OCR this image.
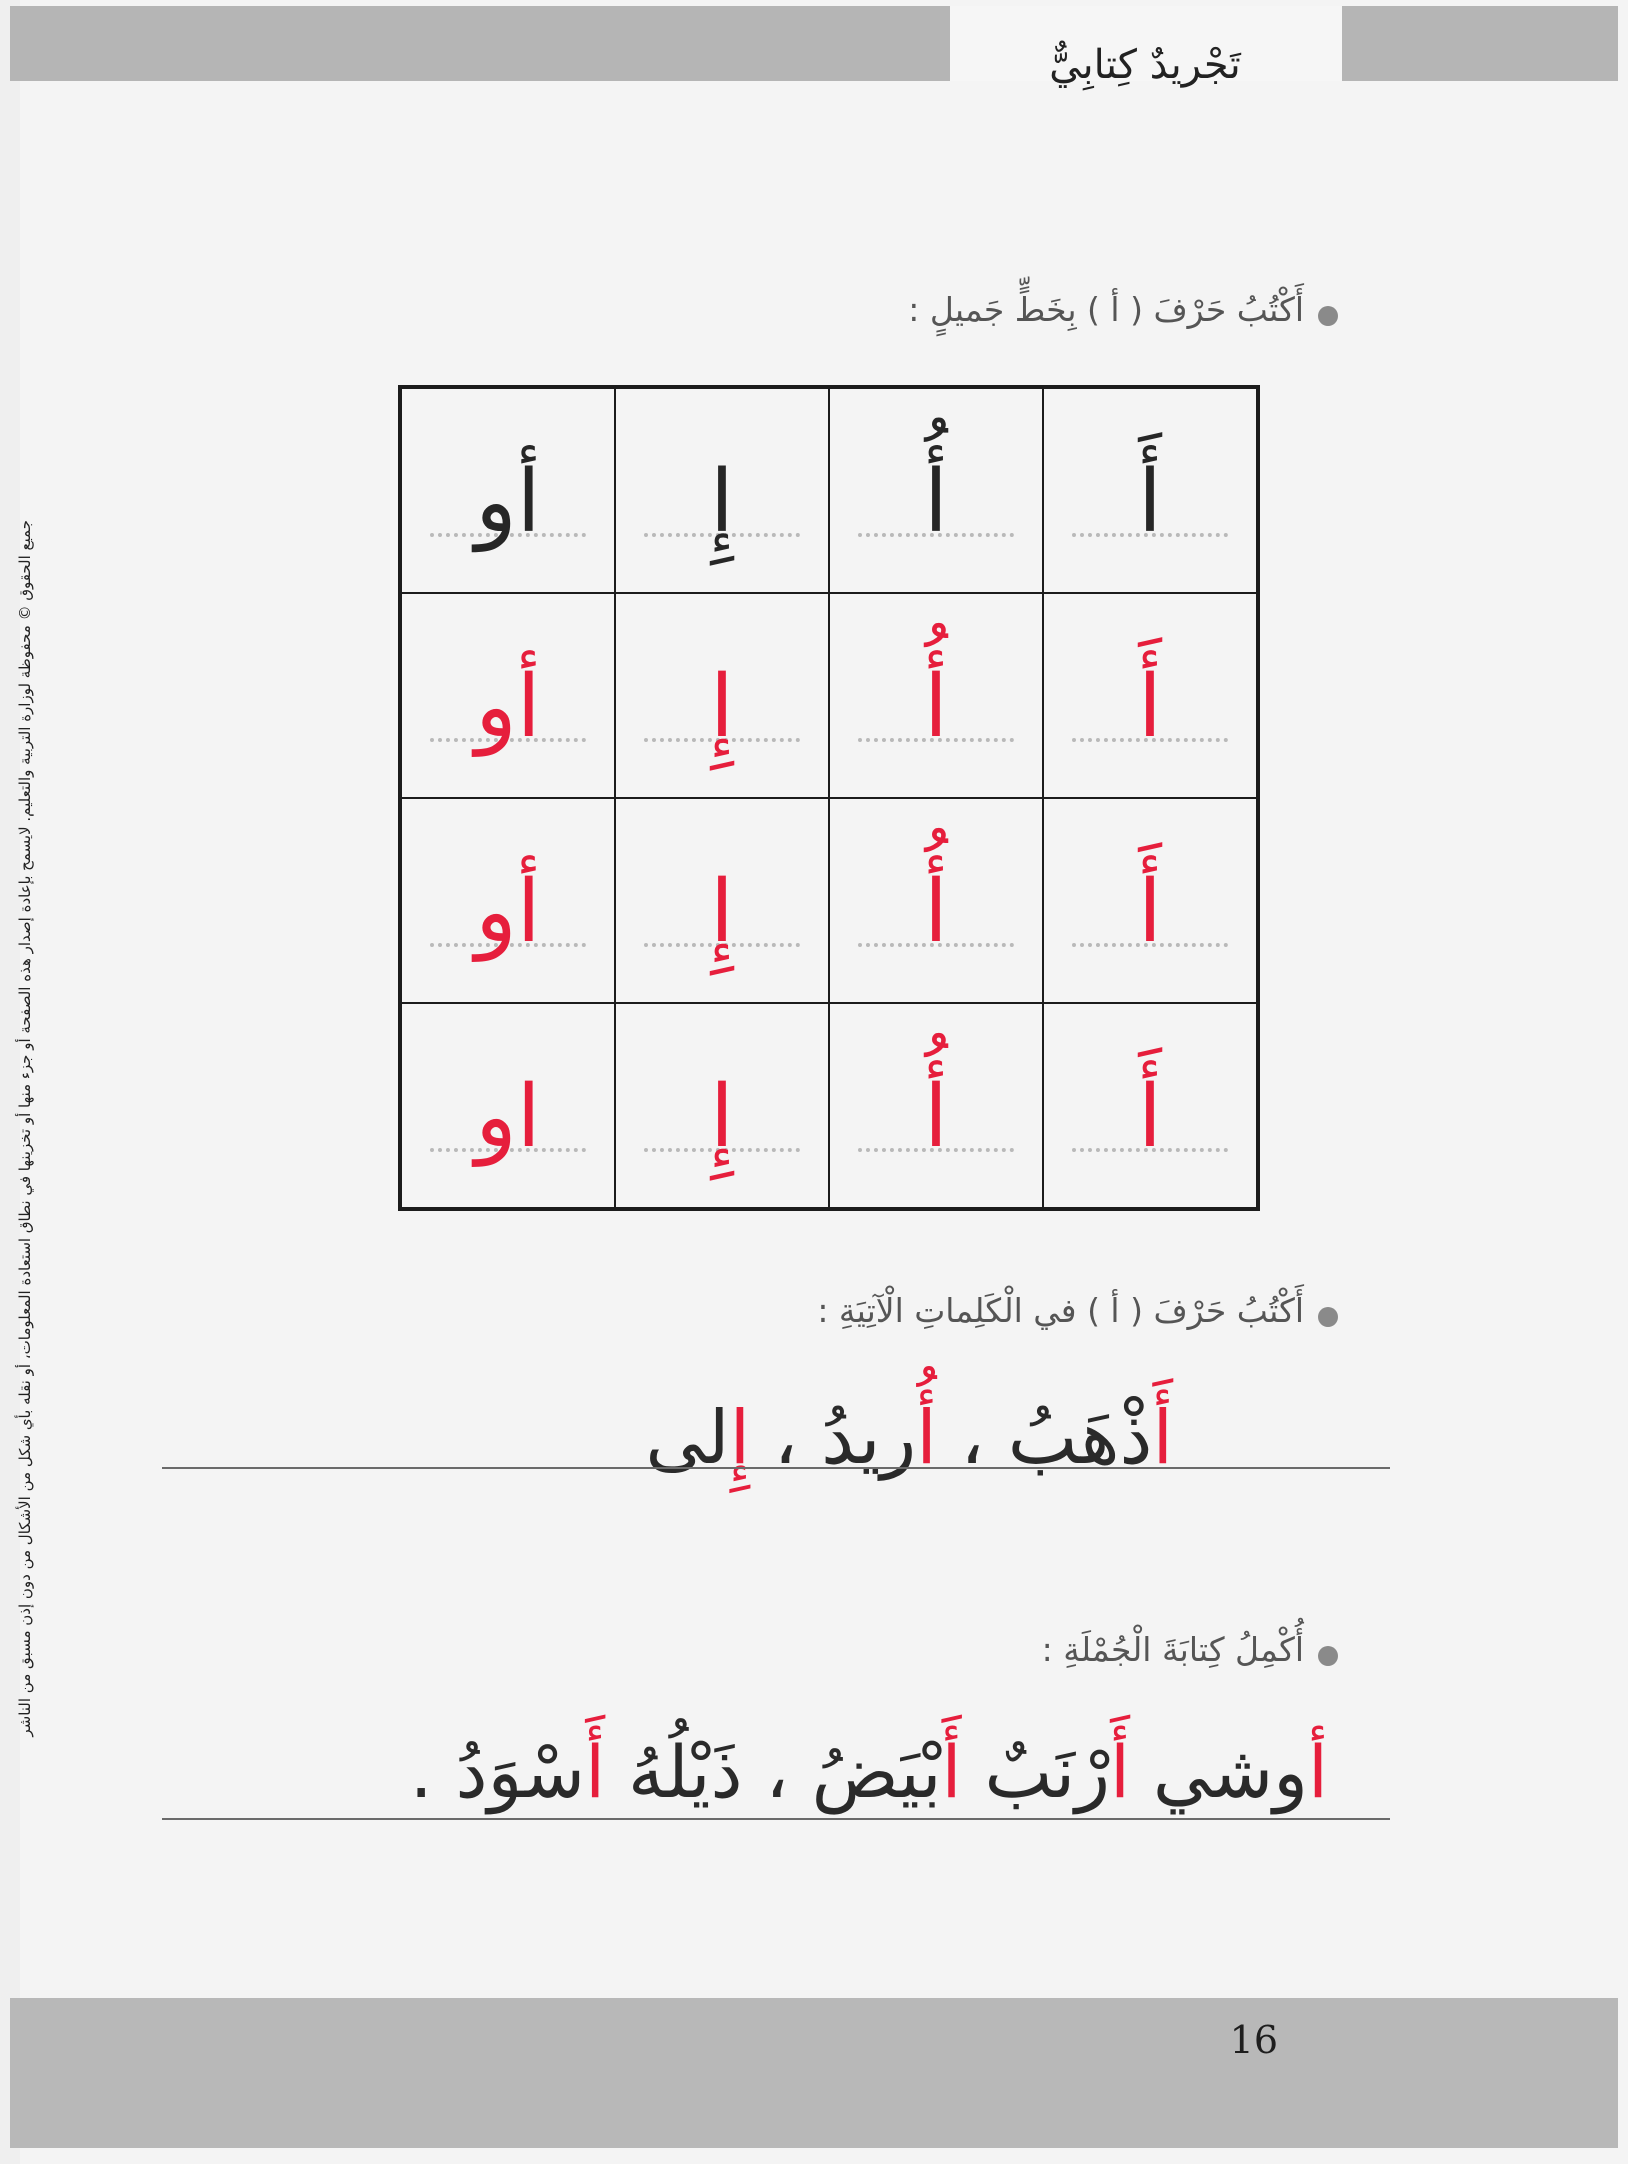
تَجْريدٌ كِتابِيٌّ
جميع الحقوق © محفوظة لوزارة التربية والتعليم. لايسمح بإعادة إصدار هذه الصفحة أو جزء منها أو تخزينها في نطاق استعادة المعلومات، أو نقله بأي شكل من الأشكال من دون إذن مسبق من الناشر
أَكْتُبُ حَرْفَ ( أ ) بِخَطٍّ جَميلٍ :
أَ
أُ
إِ
أو
أَ
أُ
إِ
أو
أَ
أُ
إِ
أو
أَ
أُ
إِ
او
أَكْتُبُ حَرْفَ ( أ ) في الْكَلِماتِ الْآتِيَةِ :
أَذْهَبُ ، أُريدُ ، إِلى
أُكْمِلُ كِتابَةَ الْجُمْلَةِ :
أوشي أَرْنَبٌ أَبْيَضُ ، ذَيْلُهُ أَسْوَدُ .
16
